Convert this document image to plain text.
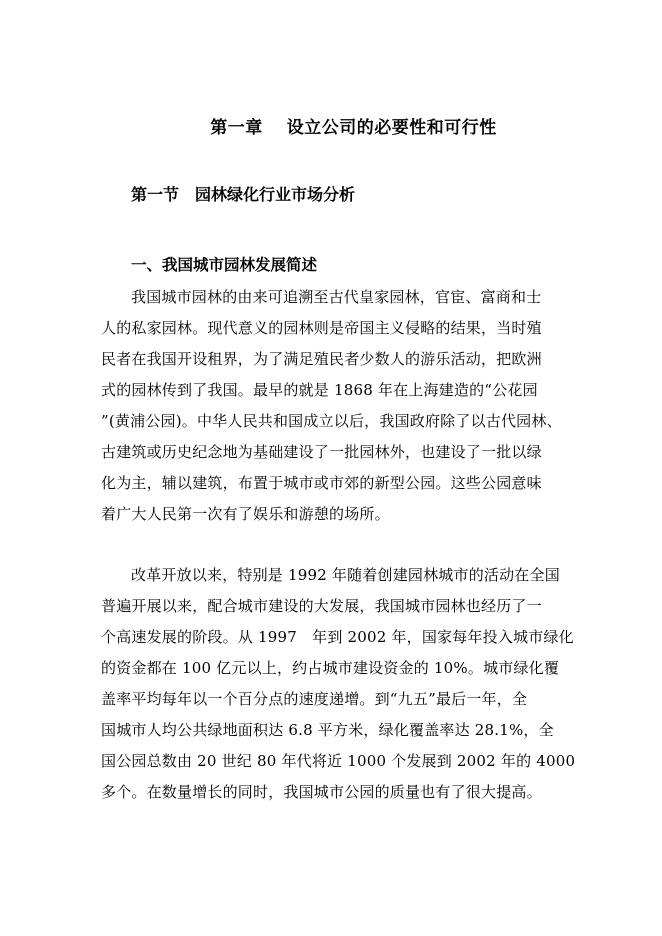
第一章　 设立公司的必要性和可行性
第一节　园林绿化行业市场分析
一、我国城市园林发展简述
我国城市园林的由来可追溯至古代皇家园林，官宦、富商和士
人的私家园林。现代意义的园林则是帝国主义侵略的结果，当时殖
民者在我国开设租界，为了满足殖民者少数人的游乐活动，把欧洲
式的园林传到了我国。最早的就是 1868 年在上海建造的“公花园
”(黄浦公园)。中华人民共和国成立以后，我国政府除了以古代园林、
古建筑或历史纪念地为基础建设了一批园林外，也建设了一批以绿
化为主，辅以建筑，布置于城市或市郊的新型公园。这些公园意味
着广大人民第一次有了娱乐和游憩的场所。
改革开放以来，特别是 1992 年随着创建园林城市的活动在全国
普遍开展以来，配合城市建设的大发展，我国城市园林也经历了一
个高速发展的阶段。从 1997　年到 2002 年，国家每年投入城市绿化
的资金都在 100 亿元以上，约占城市建设资金的 10%。城市绿化覆
盖率平均每年以一个百分点的速度递增。到“九五”最后一年，全
国城市人均公共绿地面积达 6.8 平方米，绿化覆盖率达 28.1%，全
国公园总数由 20 世纪 80 年代将近 1000 个发展到 2002 年的 4000
多个。在数量增长的同时，我国城市公园的质量也有了很大提高。
